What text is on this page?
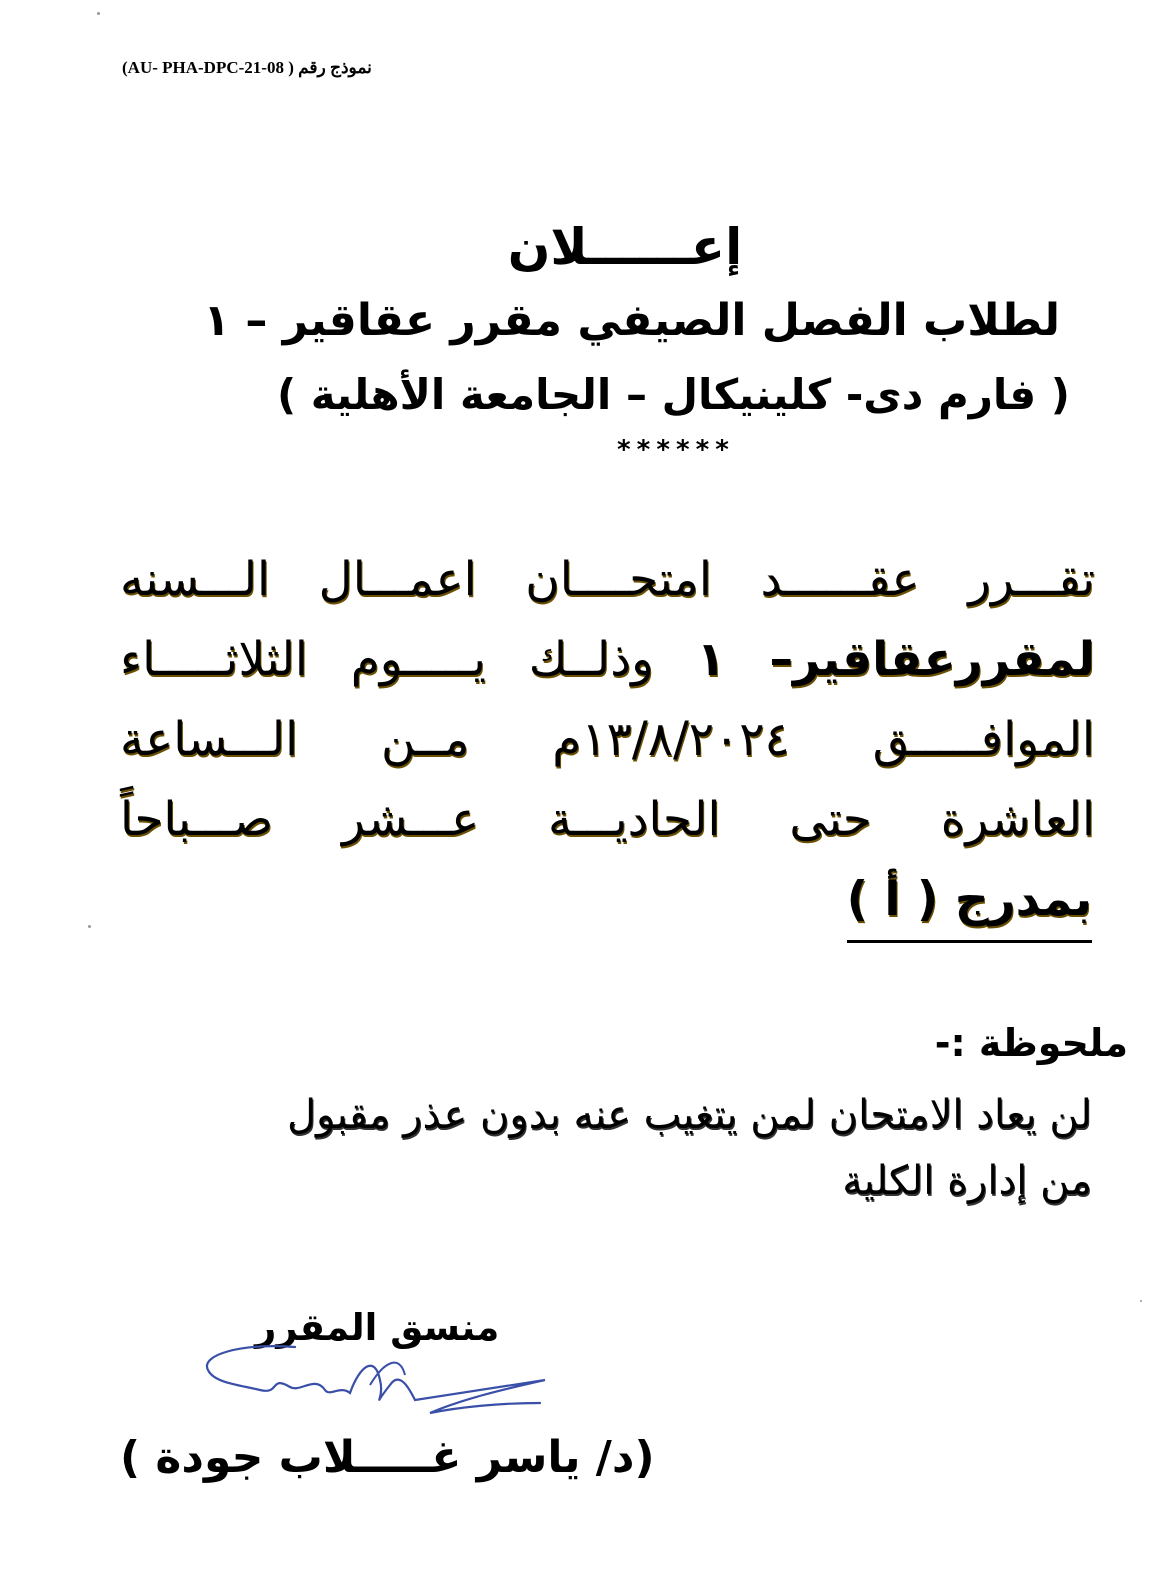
نموذج رقم ( AU- PHA-DPC-21-08)
إعــــــلان
لطلاب الفصل الصيفي مقرر عقاقير – ١
( فارم دى- كلينيكال – الجامعة الأهلية )
******
تقـــرر عقــــــد امتحــــان اعمـــال الـــسنه
لمقررعقاقير– ١ وذلــك يـــــوم الثلاثـــــاء
الموافـــــق ١٣/٨/٢٠٢٤م مــن الـــساعة
العاشرة حتى الحاديـــة عـــشر صـــباحاً
بمدرج ( أ )
ملحوظة :-
لن يعاد الامتحان لمن يتغيب عنه بدون عذر مقبول
من إدارة الكلية
منسق المقرر
(د/ ياسر غـــــلاب جودة )
